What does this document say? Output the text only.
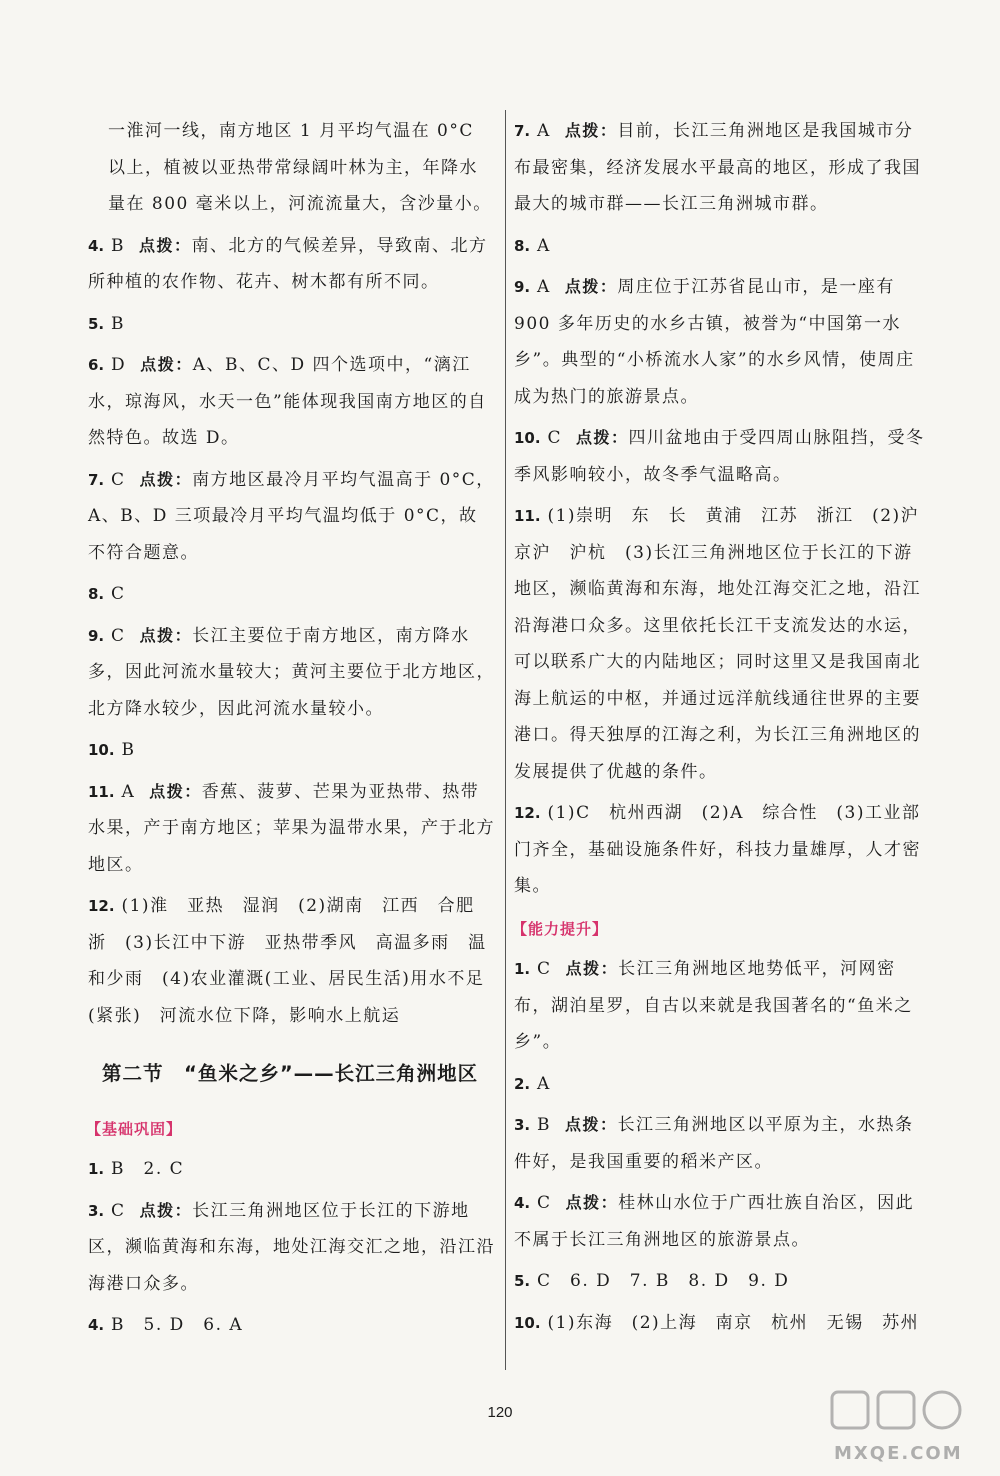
一淮河一线，南方地区 1 月平均气温在 0°C 以上，植被以亚热带常绿阔叶林为主，年降水量在 800 毫米以上，河流流量大，含沙量小。
4. B 点拨：南、北方的气候差异，导致南、北方所种植的农作物、花卉、树木都有所不同。
5. B
6. D 点拨：A、B、C、D 四个选项中，“漓江水，琼海风，水天一色”能体现我国南方地区的自然特色。故选 D。
7. C 点拨：南方地区最冷月平均气温高于 0°C，A、B、D 三项最冷月平均气温均低于 0°C，故不符合题意。
8. C
9. C 点拨：长江主要位于南方地区，南方降水多，因此河流水量较大；黄河主要位于北方地区，北方降水较少，因此河流水量较小。
10. B
11. A 点拨：香蕉、菠萝、芒果为亚热带、热带水果，产于南方地区；苹果为温带水果，产于北方地区。
12. (1)淮　亚热　湿润　(2)湖南　江西　合肥　浙　(3)长江中下游　亚热带季风　高温多雨　温和少雨　(4)农业灌溉(工业、居民生活)用水不足(紧张)　河流水位下降，影响水上航运
第二节　“鱼米之乡”——长江三角洲地区
【基础巩固】
1. B　2. C
3. C 点拨：长江三角洲地区位于长江的下游地区，濒临黄海和东海，地处江海交汇之地，沿江沿海港口众多。
4. B　5. D　6. A
7. A 点拨：目前，长江三角洲地区是我国城市分布最密集，经济发展水平最高的地区，形成了我国最大的城市群——长江三角洲城市群。
8. A
9. A 点拨：周庄位于江苏省昆山市，是一座有 900 多年历史的水乡古镇，被誉为“中国第一水乡”。典型的“小桥流水人家”的水乡风情，使周庄成为热门的旅游景点。
10. C 点拨：四川盆地由于受四周山脉阻挡，受冬季风影响较小，故冬季气温略高。
11. (1)崇明　东　长　黄浦　江苏　浙江　(2)沪京沪　沪杭　(3)长江三角洲地区位于长江的下游地区，濒临黄海和东海，地处江海交汇之地，沿江沿海港口众多。这里依托长江干支流发达的水运，可以联系广大的内陆地区；同时这里又是我国南北海上航运的中枢，并通过远洋航线通往世界的主要港口。得天独厚的江海之利，为长江三角洲地区的发展提供了优越的条件。
12. (1)C　杭州西湖　(2)A　综合性　(3)工业部门齐全，基础设施条件好，科技力量雄厚，人才密集。
【能力提升】
1. C 点拨：长江三角洲地区地势低平，河网密布，湖泊星罗，自古以来就是我国著名的“鱼米之乡”。
2. A
3. B 点拨：长江三角洲地区以平原为主，水热条件好，是我国重要的稻米产区。
4. C 点拨：桂林山水位于广西壮族自治区，因此不属于长江三角洲地区的旅游景点。
5. C　6. D　7. B　8. D　9. D
10. (1)东海　(2)上海　南京　杭州　无锡　苏州
120
MXQE.COM
